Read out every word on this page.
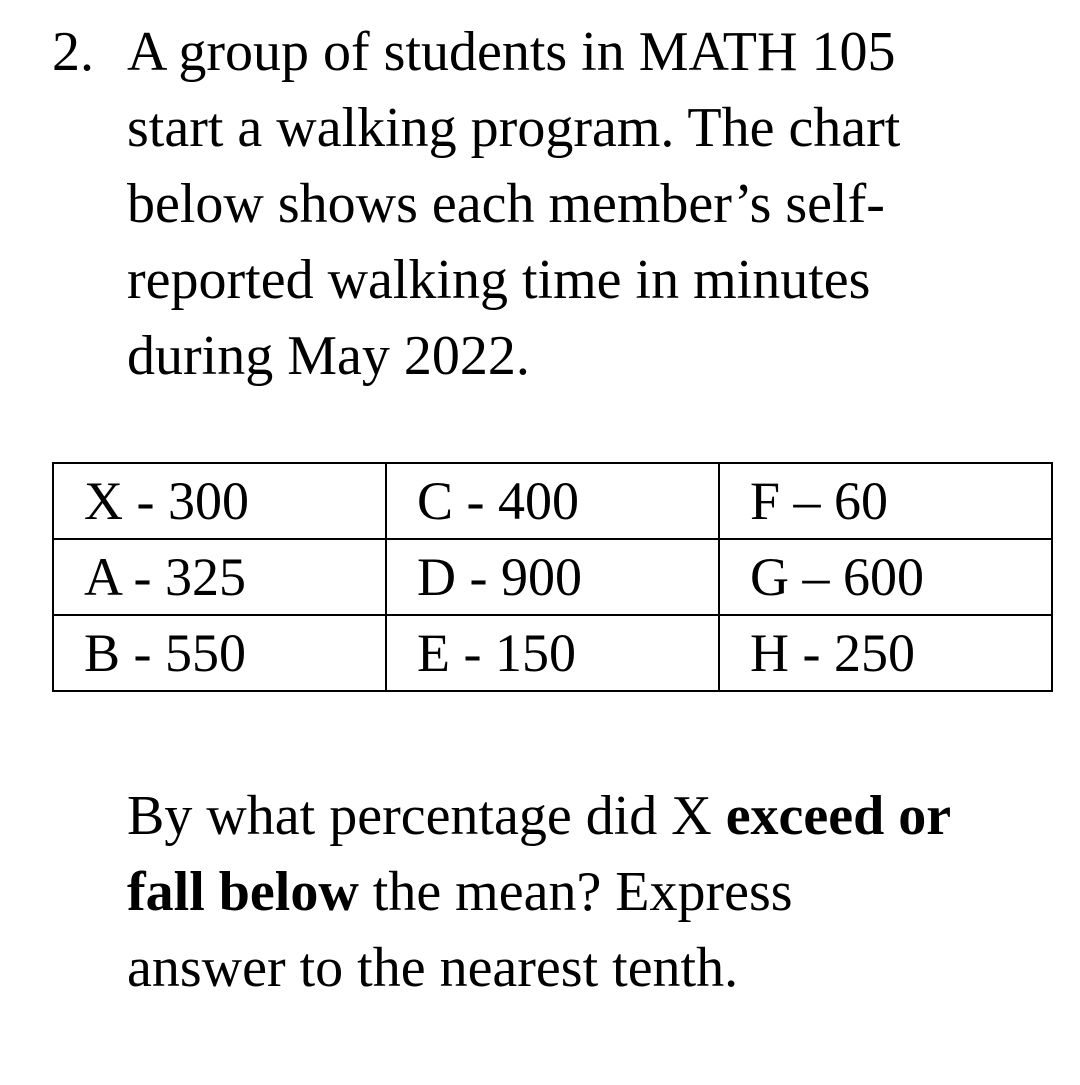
2. A group of students in MATH 105
start a walking program. The chart
below shows each member’s self-
reported walking time in minutes
during May 2022.
X - 300	C - 400	F – 60
A - 325	D - 900	G – 600
B - 550	E - 150	H - 250
By what percentage did X exceed or
fall below the mean? Express
answer to the nearest tenth.
